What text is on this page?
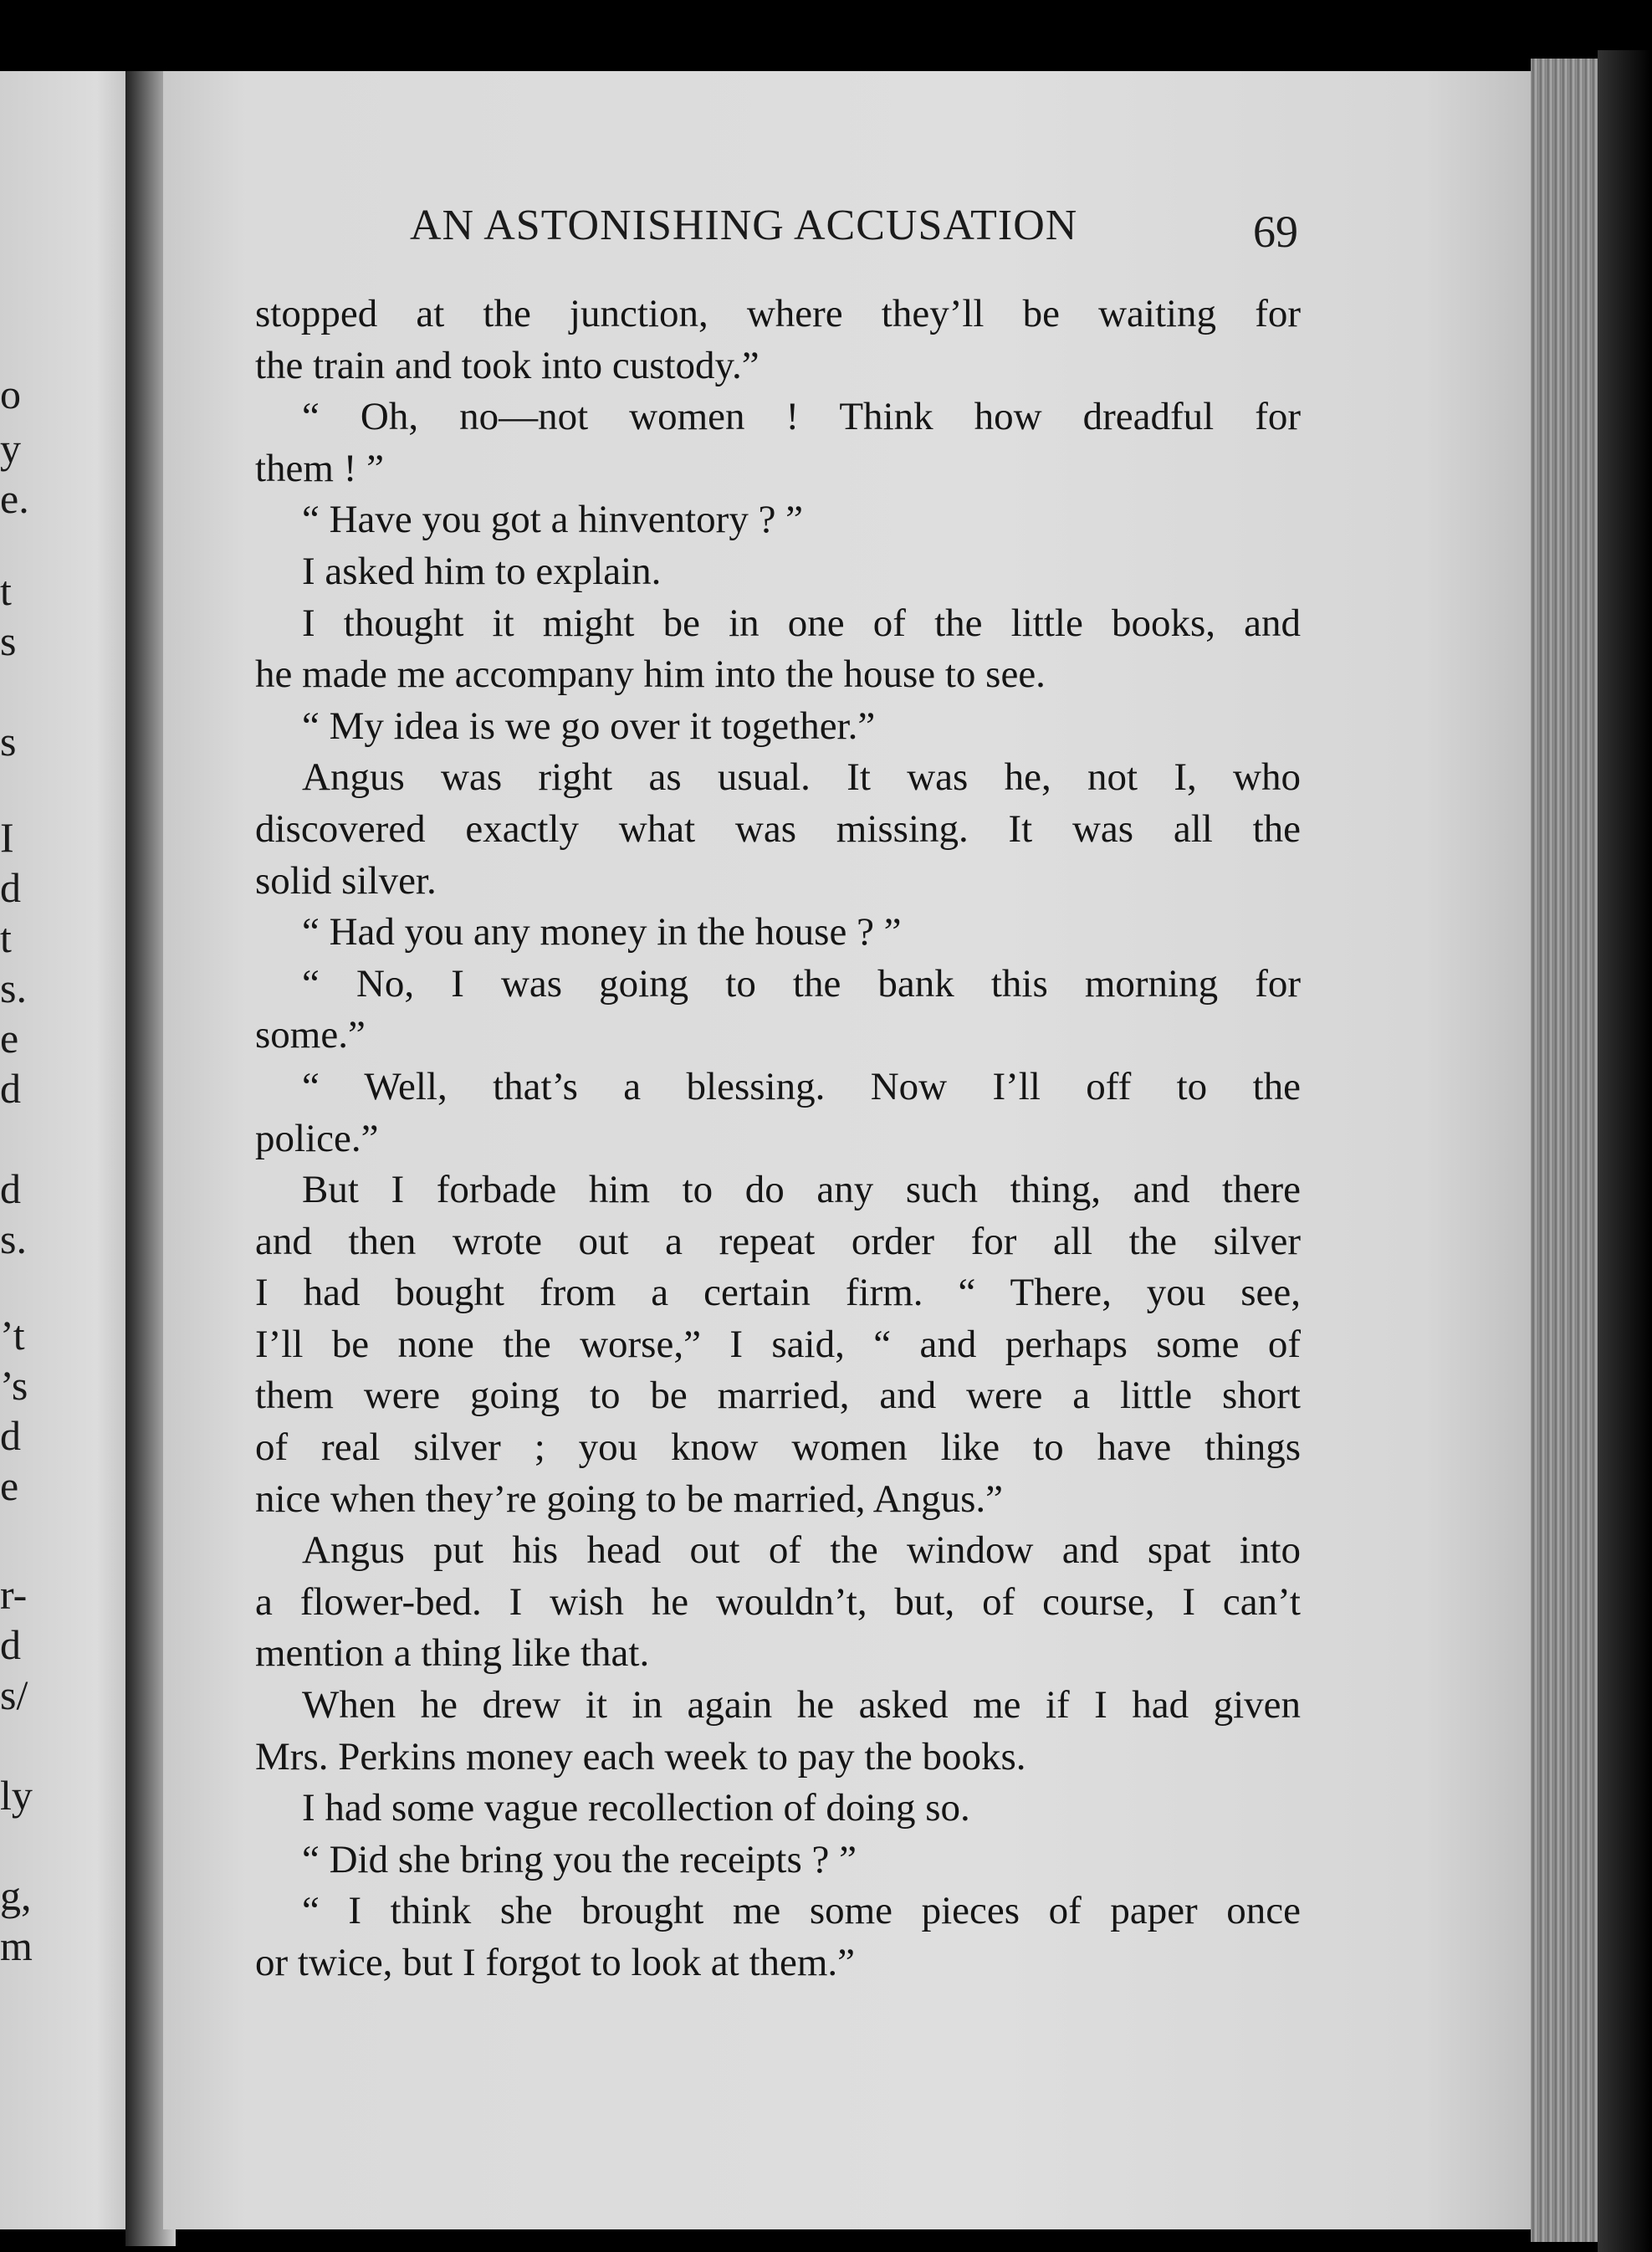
o
y
e.
t
s
s
I
d
t
s.
e
d
d
s.
’t
’s
d
e
r-
d
s/
ly
g,
m
AN ASTONISHING ACCUSATION	69

stopped at the junction, where they’ll be waiting for

the train and took into custody.”

“ Oh, no—not women ! Think how dreadful for

them ! ”

“ Have you got a hinventory ? ”

I asked him to explain.

I thought it might be in one of the little books, and

he made me accompany him into the house to see.

“ My idea is we go over it together.”

Angus was right as usual. It was he, not I, who

discovered exactly what was missing. It was all the

solid silver.

“ Had you any money in the house ? ”

“ No, I was going to the bank this morning for

some.”

“ Well, that’s a blessing. Now I’ll off to the

police.”

But I forbade him to do any such thing, and there

and then wrote out a repeat order for all the silver

I had bought from a certain firm. “ There, you see,

I’ll be none the worse,” I said, “ and perhaps some of

them were going to be married, and were a little short

of real silver ; you know women like to have things

nice when they’re going to be married, Angus.”

Angus put his head out of the window and spat into

a flower-bed. I wish he wouldn’t, but, of course, I can’t

mention a thing like that.

When he drew it in again he asked me if I had given

Mrs. Perkins money each week to pay the books.

I had some vague recollection of doing so.

“ Did she bring you the receipts ? ”

“ I think she brought me some pieces of paper once

or twice, but I forgot to look at them.”
